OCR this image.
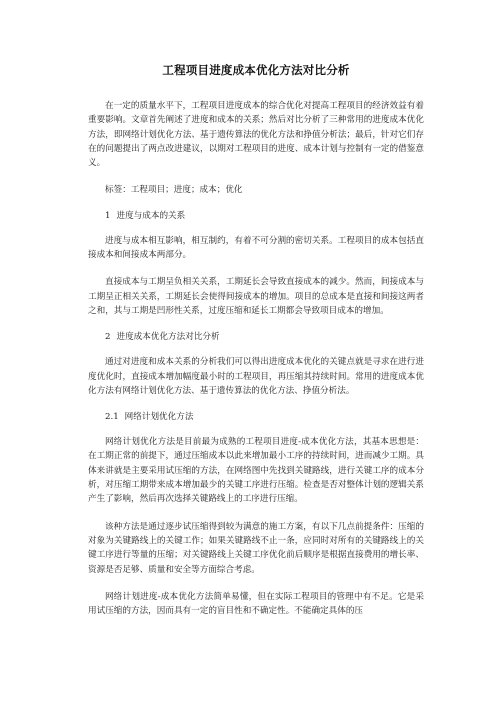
工程项目进度成本优化方法对比分析

在一定的质量水平下，工程项目进度成本的综合优化对提高工程项目的经济效益有着重要影响。文章首先阐述了进度和成本的关系；然后对比分析了三种常用的进度成本优化方法，即网络计划优化方法、基于遗传算法的优化方法和挣值分析法；最后，针对它们存在的问题提出了两点改进建议，以期对工程项目的进度、成本计划与控制有一定的借鉴意义。

标签：工程项目；进度；成本；优化

1 进度与成本的关系

进度与成本相互影响，相互制约，有着不可分割的密切关系。工程项目的成本包括直接成本和间接成本两部分。

直接成本与工期呈负相关关系，工期延长会导致直接成本的减少。然而，间接成本与工期呈正相关关系，工期延长会使得间接成本的增加。项目的总成本是直接和间接这两者之和，其与工期是凹形性关系，过度压缩和延长工期都会导致项目成本的增加。

2 进度成本优化方法对比分析

通过对进度和成本关系的分析我们可以得出进度成本优化的关键点就是寻求在进行进度优化时，直接成本增加幅度最小时的工程项目，再压缩其持续时间。常用的进度成本优化方法有网络计划优化方法、基于遗传算法的优化方法、挣值分析法。

2.1 网络计划优化方法

网络计划优化方法是目前最为成熟的工程项目进度-成本优化方法，其基本思想是：在工期正常的前提下，通过压缩成本以此来增加最小工序的持续时间，进而减少工期。具体来讲就是主要采用试压缩的方法，在网络图中先找到关键路线，进行关键工序的成本分析，对压缩工期带来成本增加最少的关键工序进行压缩。检查是否对整体计划的逻辑关系产生了影响，然后再次选择关键路线上的工序进行压缩。

该种方法是通过逐步试压缩得到较为满意的施工方案，有以下几点前提条件：压缩的对象为关键路线上的关键工作；如果关键路线不止一条，应同时对所有的关键路线上的关键工序进行等量的压缩；对关键路线上关键工序优化前后顺序是根据直接费用的增长率、资源是否足够、质量和安全等方面综合考虑。

网络计划进度-成本优化方法简单易懂，但在实际工程项目的管理中有不足。它是采用试压缩的方法，因而具有一定的盲目性和不确定性。不能确定具体的压
